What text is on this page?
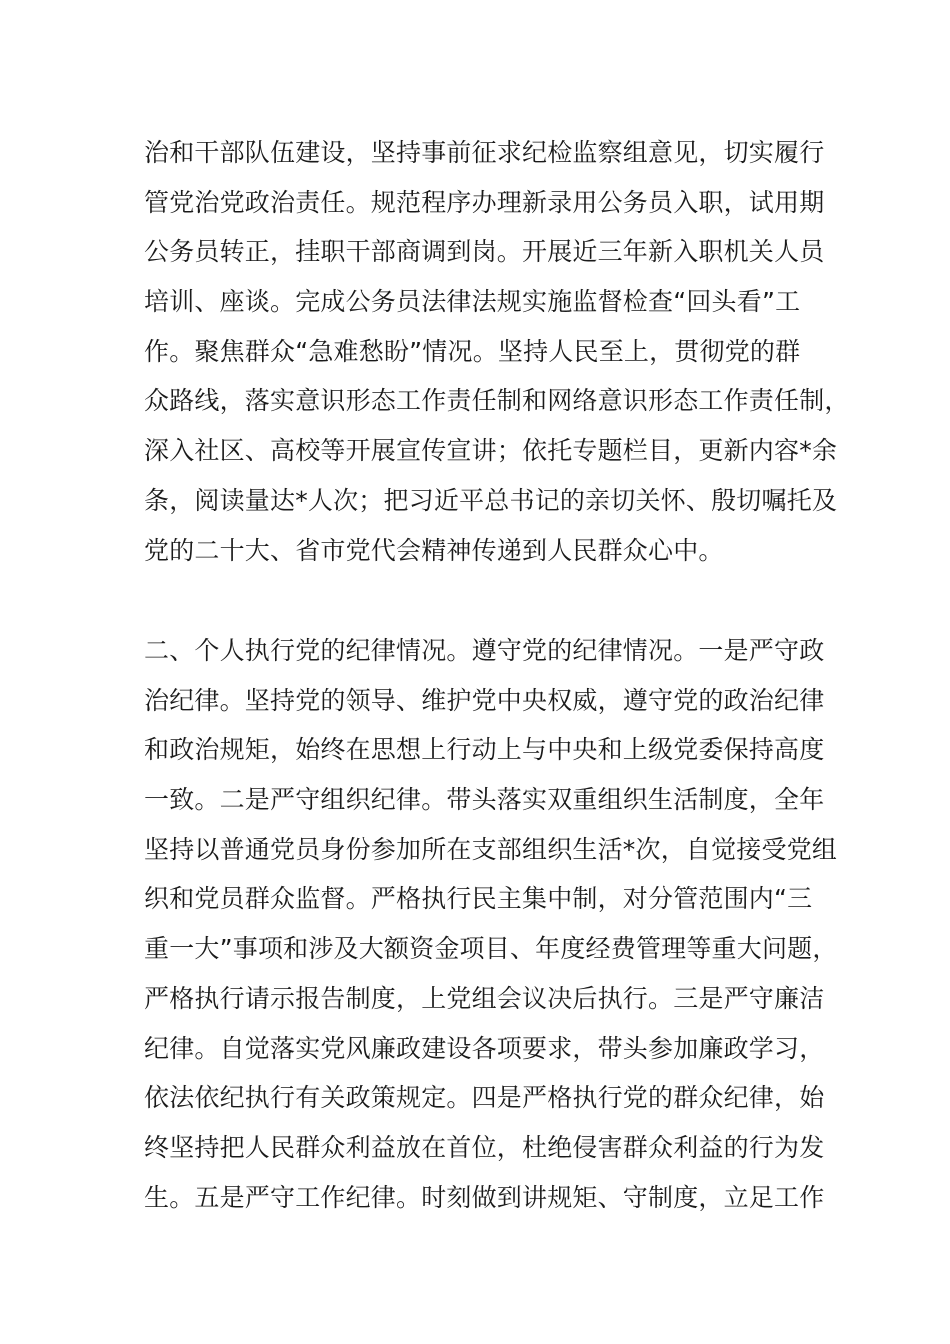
治和干部队伍建设，坚持事前征求纪检监察组意见，切实履行
管党治党政治责任。规范程序办理新录用公务员入职，试用期
公务员转正，挂职干部商调到岗。开展近三年新入职机关人员
培训、座谈。完成公务员法律法规实施监督检查“回头看”工
作。聚焦群众“急难愁盼”情况。坚持人民至上，贯彻党的群
众路线，落实意识形态工作责任制和网络意识形态工作责任制，
深入社区、高校等开展宣传宣讲；依托专题栏目，更新内容*余
条，阅读量达*人次；把习近平总书记的亲切关怀、殷切嘱托及
党的二十大、省市党代会精神传递到人民群众心中。
二、个人执行党的纪律情况。遵守党的纪律情况。一是严守政
治纪律。坚持党的领导、维护党中央权威，遵守党的政治纪律
和政治规矩，始终在思想上行动上与中央和上级党委保持高度
一致。二是严守组织纪律。带头落实双重组织生活制度，全年
坚持以普通党员身份参加所在支部组织生活*次，自觉接受党组
织和党员群众监督。严格执行民主集中制，对分管范围内“三
重一大”事项和涉及大额资金项目、年度经费管理等重大问题，
严格执行请示报告制度，上党组会议决后执行。三是严守廉洁
纪律。自觉落实党风廉政建设各项要求，带头参加廉政学习，
依法依纪执行有关政策规定。四是严格执行党的群众纪律，始
终坚持把人民群众利益放在首位，杜绝侵害群众利益的行为发
生。五是严守工作纪律。时刻做到讲规矩、守制度，立足工作
